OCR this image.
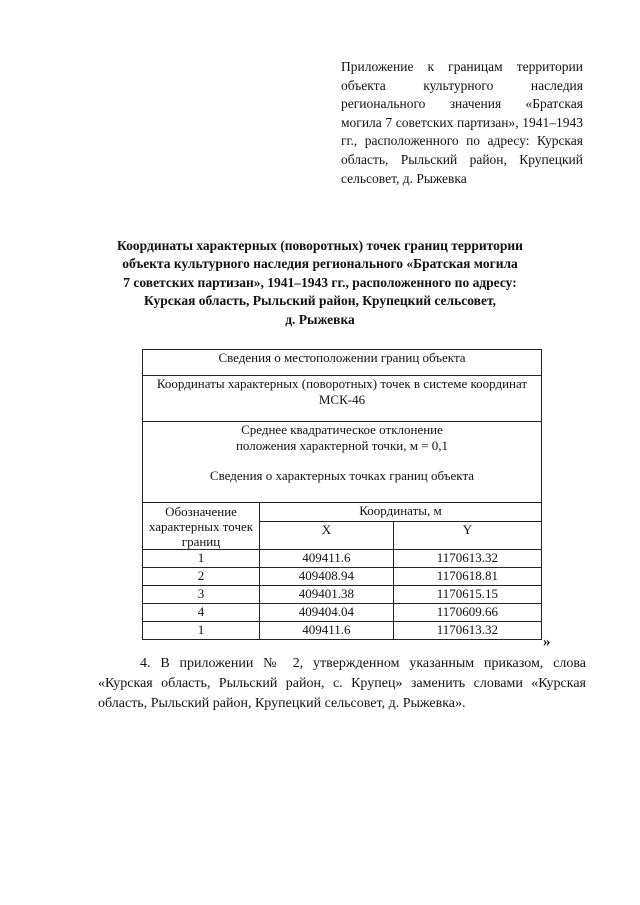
Приложение к границам территории объекта культурного наследия регионального значения «Братская могила 7 советских партизан», 1941–1943 гг., расположенного по адресу: Курская область, Рыльский район, Крупецкий сельсовет, д. Рыжевка
Координаты характерных (поворотных) точек границ территории
объекта культурного наследия регионального «Братская могила
7 советских партизан», 1941–1943 гг., расположенного по адресу:
Курская область, Рыльский район, Крупецкий сельсовет,
д. Рыжевка
Сведения о местоположении границ объекта		

Координаты характерных (поворотных) точек в системе координат
МСК-46		

Среднее квадратическое отклонение
положения характерной точки, м = 0,1
Сведения о характерных точках границ объекта		

Обозначение характерных точек границ	Координаты, м	
	X	Y
1	409411.6	1170613.32
2	409408.94	1170618.81
3	409401.38	1170615.15
4	409404.04	1170609.66
1	409411.6	1170613.32
»
4. В приложении № 2, утвержденном указанным приказом, слова «Курская область, Рыльский район, с. Крупец» заменить словами «Курская область, Рыльский район, Крупецкий сельсовет, д. Рыжевка».
